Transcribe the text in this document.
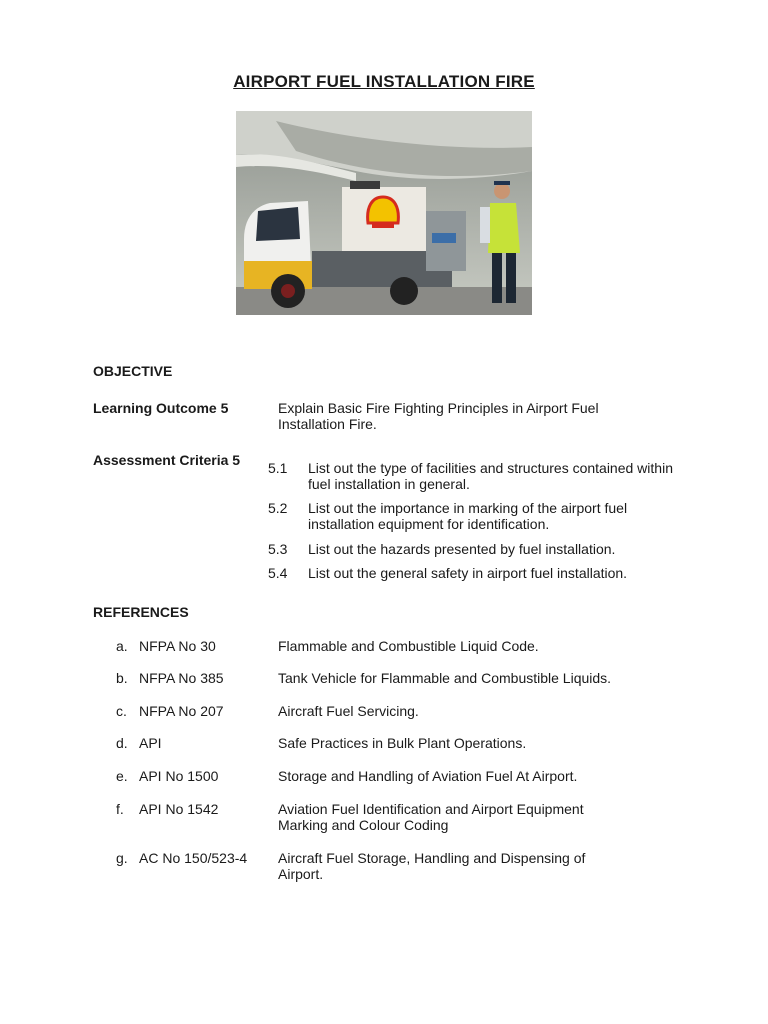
AIRPORT FUEL INSTALLATION FIRE
OBJECTIVE
Learning Outcome 5	Explain Basic Fire Fighting Principles in Airport Fuel Installation Fire.
Assessment Criteria 5 5.1 List out the type of facilities and structures contained within fuel installation in general.
5.2 List out the importance in marking of the airport fuel installation equipment for identification.
5.3 List out the hazards presented by fuel installation.
5.4 List out the general safety in airport fuel installation.
REFERENCES
a. NFPA No 30	Flammable and Combustible Liquid Code.
b. NFPA No 385	Tank Vehicle for Flammable and Combustible Liquids.
c. NFPA No 207	Aircraft Fuel Servicing.
d. API	Safe Practices in Bulk Plant Operations.
e. API No 1500	Storage and Handling of Aviation Fuel At Airport.
f. API No 1542	Aviation Fuel Identification and Airport Equipment Marking and Colour Coding
g. AC No 150/523-4 Aircraft Fuel Storage, Handling and Dispensing of Airport.
